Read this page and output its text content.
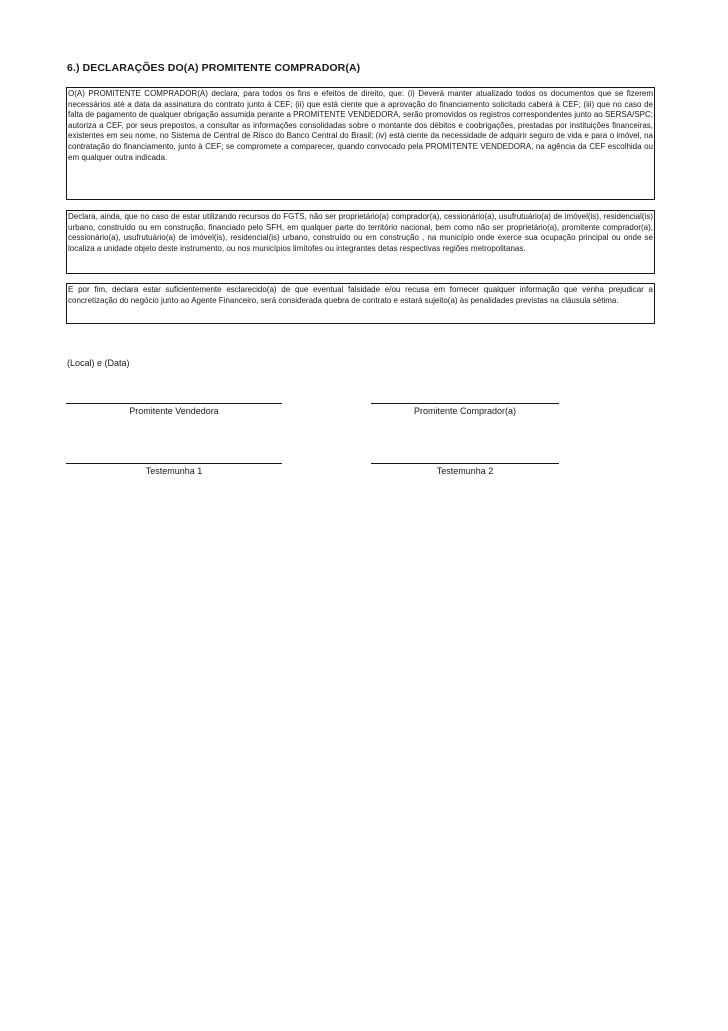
6.) DECLARAÇÕES DO(A) PROMITENTE COMPRADOR(A)
O(A) PROMITENTE COMPRADOR(A) declara, para todos os fins e efeitos de direito, que: (i) Deverá manter atualizado todos os documentos que se fizerem necessários até a data da assinatura do contrato junto à CEF; (ii) que está ciente que a aprovação do financiamento solicitado caberá à CEF; (iii) que no caso de falta de pagamento de qualquer obrigação assumida perante a PROMITENTE VENDEDORA, serão promovidos os registros correspondentes junto ao SERSA/SPC; autoriza a CEF, por seus prepostos, a consultar as informações consolidadas sobre o montante dos débitos e coobrigações, prestadas por instituições financeiras, existentes em seu nome, no Sistema de Central de Risco do Banco Central do Brasil; (iv) está ciente da necessidade de adquirir seguro de vida e para o imóvel, na contratação do financiamento, junto à CEF; se compromete a comparecer, quando convocado pela PROMITENTE VENDEDORA, na agência da CEF escolhida ou em qualquer outra indicada.
Declara, ainda, que no caso de estar utilizando recursos do FGTS, não ser proprietário(a) comprador(a), cessionário(a), usufrutuário(a) de imóvel(is), residencial(is) urbano, construído ou em construção, financiado pelo SFH, em qualquer parte do território nacional, bem como não ser proprietário(a), promitente comprador(a), cessionário(a), usufrutuário(a) de imóvel(is), residencial(is) urbano, construído ou em construção , na município onde exerce sua ocupação principal ou onde se localiza a unidade objeto deste instrumento, ou nos municípios limítofes ou integrantes detas respectivas regiões metropolitanas.
E por fim, declara estar suficientemente esclarecido(a) de que eventual falsidade e/ou recusa em fornecer qualquer informação que venha prejudicar a concretização do negócio junto ao Agente Financeiro, será considerada quebra de contrato e estará sujeito(a) às penalidades previstas na cláusula sétima.
(Local) e (Data)
Promitente Vendedora	Promitente Comprador(a)
Testemunha 1	Testemunha 2
